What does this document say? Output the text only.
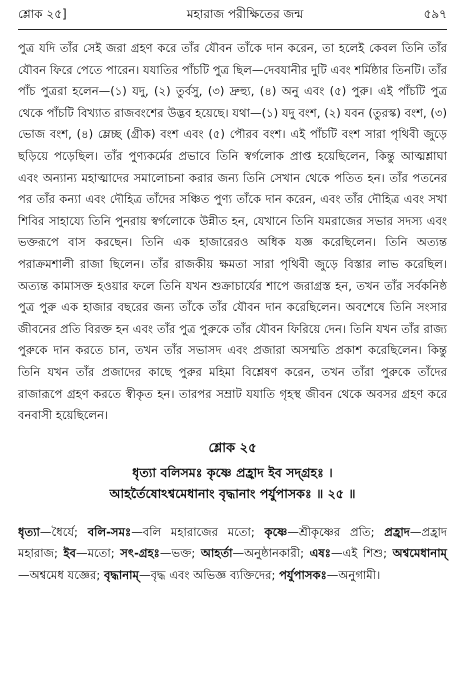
শ্লোক ২৫]	মহারাজ পরীক্ষিতের জন্ম	৫৯৭

পুত্র যদি তাঁর সেই জরা গ্রহণ করে তাঁর যৌবন তাঁকে দান করেন, তা হলেই কেবল তিনি তাঁর যৌবন ফিরে পেতে পারেন। যযাতির পাঁচটি পুত্র ছিল—দেবযানীর দুটি এবং শর্মিষ্ঠার তিনটি। তাঁর পাঁচ পুত্ররা হলেন—(১) যদু, (২) তুর্বসু, (৩) দ্রুহ্যু, (৪) অনু এবং (৫) পুরু। এই পাঁচটি পুত্র থেকে পাঁচটি বিখ্যাত রাজবংশের উদ্ভব হয়েছে। যথা—(১) যদু বংশ, (২) যবন (তুরস্ক) বংশ, (৩) ভোজ বংশ, (৪) ম্লেচ্ছ (গ্রীক) বংশ এবং (৫) পৌরব বংশ। এই পাঁচটি বংশ সারা পৃথিবী জুড়ে ছড়িয়ে পড়েছিল। তাঁর পুণ্যকর্মের প্রভাবে তিনি স্বর্গলোক প্রাপ্ত হয়েছিলেন, কিন্তু আত্মশ্লাঘা এবং অন্যান্য মহাত্মাদের সমালোচনা করার জন্য তিনি সেখান থেকে পতিত হন। তাঁর পতনের পর তাঁর কন্যা এবং দৌহিত্র তাঁদের সঞ্চিত পুণ্য তাঁকে দান করেন, এবং তাঁর দৌহিত্র এবং সখা শিবির সাহায্যে তিনি পুনরায় স্বর্গলোকে উন্নীত হন, যেখানে তিনি যমরাজের সভার সদস্য এবং ভক্তরূপে বাস করছেন। তিনি এক হাজারেরও অধিক যজ্ঞ করেছিলেন। তিনি অত্যন্ত পরাক্রমশালী রাজা ছিলেন। তাঁর রাজকীয় ক্ষমতা সারা পৃথিবী জুড়ে বিস্তার লাভ করেছিল। অত্যন্ত কামাসক্ত হওয়ার ফলে তিনি যখন শুক্রাচার্যের শাপে জরাগ্রস্ত হন, তখন তাঁর সর্বকনিষ্ঠ পুত্র পুরু এক হাজার বছরের জন্য তাঁকে তাঁর যৌবন দান করেছিলেন। অবশেষে তিনি সংসার জীবনের প্রতি বিরক্ত হন এবং তাঁর পুত্র পুরুকে তাঁর যৌবন ফিরিয়ে দেন। তিনি যখন তাঁর রাজ্য পুরুকে দান করতে চান, তখন তাঁর সভাসদ এবং প্রজারা অসম্মতি প্রকাশ করেছিলেন। কিন্তু তিনি যখন তাঁর প্রজাদের কাছে পুরুর মহিমা বিশ্লেষণ করেন, তখন তাঁরা পুরুকে তাঁদের রাজারূপে গ্রহণ করতে স্বীকৃত হন। তারপর সম্রাট যযাতি গৃহস্থ জীবন থেকে অবসর গ্রহণ করে বনবাসী হয়েছিলেন।

শ্লোক ২৫
ধৃত্যা বলিসমঃ কৃষ্ণে প্রহ্রাদ ইব সদ্‌গ্রহঃ ।
আহর্তৈষোঽশ্বমেধানাং বৃদ্ধানাং পর্যুপাসকঃ ॥ ২৫ ॥
ধৃত্যা—ধৈর্যে; বলি-সমঃ—বলি মহারাজের মতো; কৃষ্ণে—শ্রীকৃষ্ণের প্রতি; প্রহ্রাদ—প্রহ্রাদ মহারাজ; ইব—মতো; সৎ-গ্রহঃ—ভক্ত; আহর্তা—অনুষ্ঠানকারী; এষঃ—এই শিশু; অশ্বমেধানাম্—অশ্বমেধ যজ্ঞের; বৃদ্ধানাম্—বৃদ্ধ এবং অভিজ্ঞ ব্যক্তিদের; পর্যুপাসকঃ—অনুগামী।
